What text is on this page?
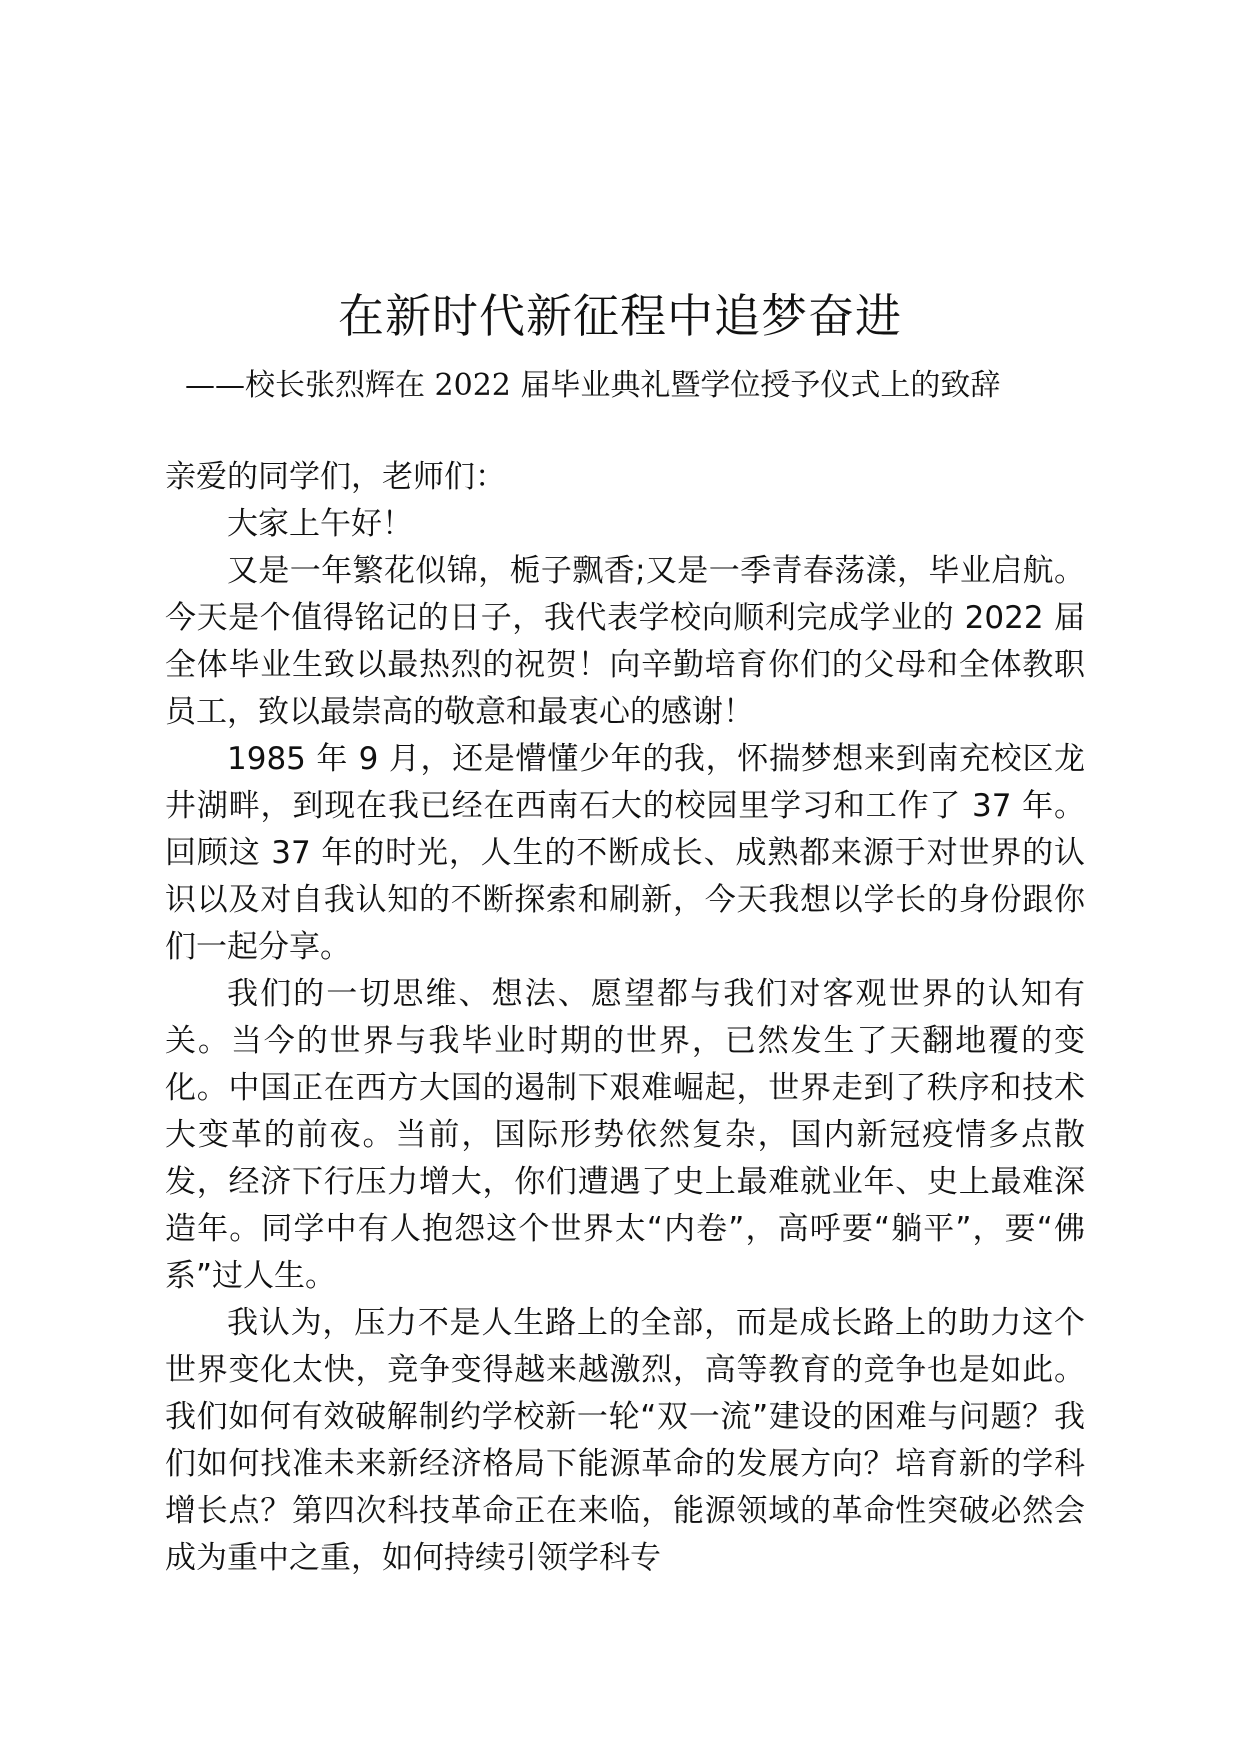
在新时代新征程中追梦奋进
——校长张烈辉在 2022 届毕业典礼暨学位授予仪式上的致辞

亲爱的同学们，老师们：

大家上午好！

又是一年繁花似锦，栀子飘香;又是一季青春荡漾，毕业启航。今天是个值得铭记的日子，我代表学校向顺利完成学业的 2022 届全体毕业生致以最热烈的祝贺！向辛勤培育你们的父母和全体教职员工，致以最崇高的敬意和最衷心的感谢！

1985 年 9 月，还是懵懂少年的我，怀揣梦想来到南充校区龙井湖畔，到现在我已经在西南石大的校园里学习和工作了 37 年。回顾这 37 年的时光，人生的不断成长、成熟都来源于对世界的认识以及对自我认知的不断探索和刷新，今天我想以学长的身份跟你们一起分享。

我们的一切思维、想法、愿望都与我们对客观世界的认知有关。当今的世界与我毕业时期的世界，已然发生了天翻地覆的变化。中国正在西方大国的遏制下艰难崛起，世界走到了秩序和技术大变革的前夜。当前，国际形势依然复杂，国内新冠疫情多点散发，经济下行压力增大，你们遭遇了史上最难就业年、史上最难深造年。同学中有人抱怨这个世界太“内卷”，高呼要“躺平”，要“佛系”过人生。

我认为，压力不是人生路上的全部，而是成长路上的助力这个世界变化太快，竞争变得越来越激烈，高等教育的竞争也是如此。我们如何有效破解制约学校新一轮“双一流”建设的困难与问题？我们如何找准未来新经济格局下能源革命的发展方向？培育新的学科增长点？第四次科技革命正在来临，能源领域的革命性突破必然会成为重中之重，如何持续引领学科专
